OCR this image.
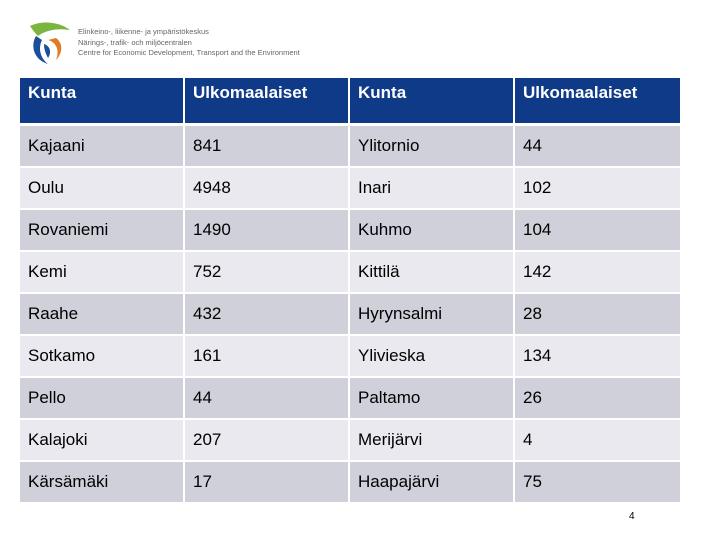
Elinkeino-, liikenne- ja ympäristökeskus
Närings-, trafik- och miljöcentralen
Centre for Economic Development, Transport and the Environment
Kunta	Ulkomaalaiset	Kunta	Ulkomaalaiset
Kajaani	841	Ylitornio	44
Oulu	4948	Inari	102
Rovaniemi	1490	Kuhmo	104
Kemi	752	Kittilä	142
Raahe	432	Hyrynsalmi	28
Sotkamo	161	Ylivieska	134
Pello	44	Paltamo	26
Kalajoki	207	Merijärvi	4
Kärsämäki	17	Haapajärvi	75
4
